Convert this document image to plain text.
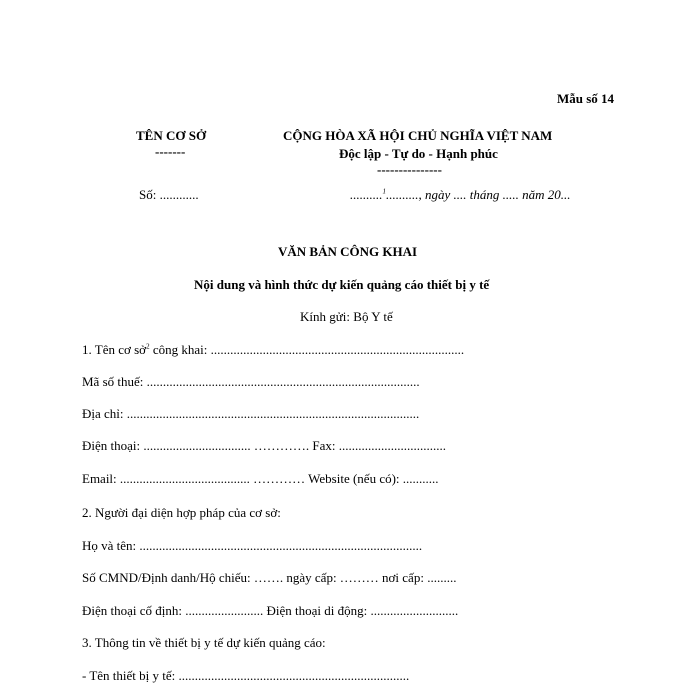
Mẫu số 14
TÊN CƠ SỞ
-------
CỘNG HÒA XÃ HỘI CHỦ NGHĨA VIỆT NAM
Độc lập - Tự do - Hạnh phúc
---------------
Số: ............	..........$^1$.........., ngày .... tháng ..... năm 20...
VĂN BẢN CÔNG KHAI
Nội dung và hình thức dự kiến quảng cáo thiết bị y tế
Kính gửi: Bộ Y tế
1. Tên cơ sở$^2$ công khai: ..............................................................................
Mã số thuế: ....................................................................................
Địa chỉ: ..........................................................................................
Điện thoại: ................................. …………. Fax: .................................
Email: ........................................ ………… Website (nếu có): ...........
2. Người đại diện hợp pháp của cơ sở:
Họ và tên: .......................................................................................
Số CMND/Định danh/Hộ chiếu: ……. ngày cấp: ……… nơi cấp: .........
Điện thoại cố định: ........................ Điện thoại di động: ...........................
3. Thông tin về thiết bị y tế dự kiến quảng cáo:
- Tên thiết bị y tế: .......................................................................
